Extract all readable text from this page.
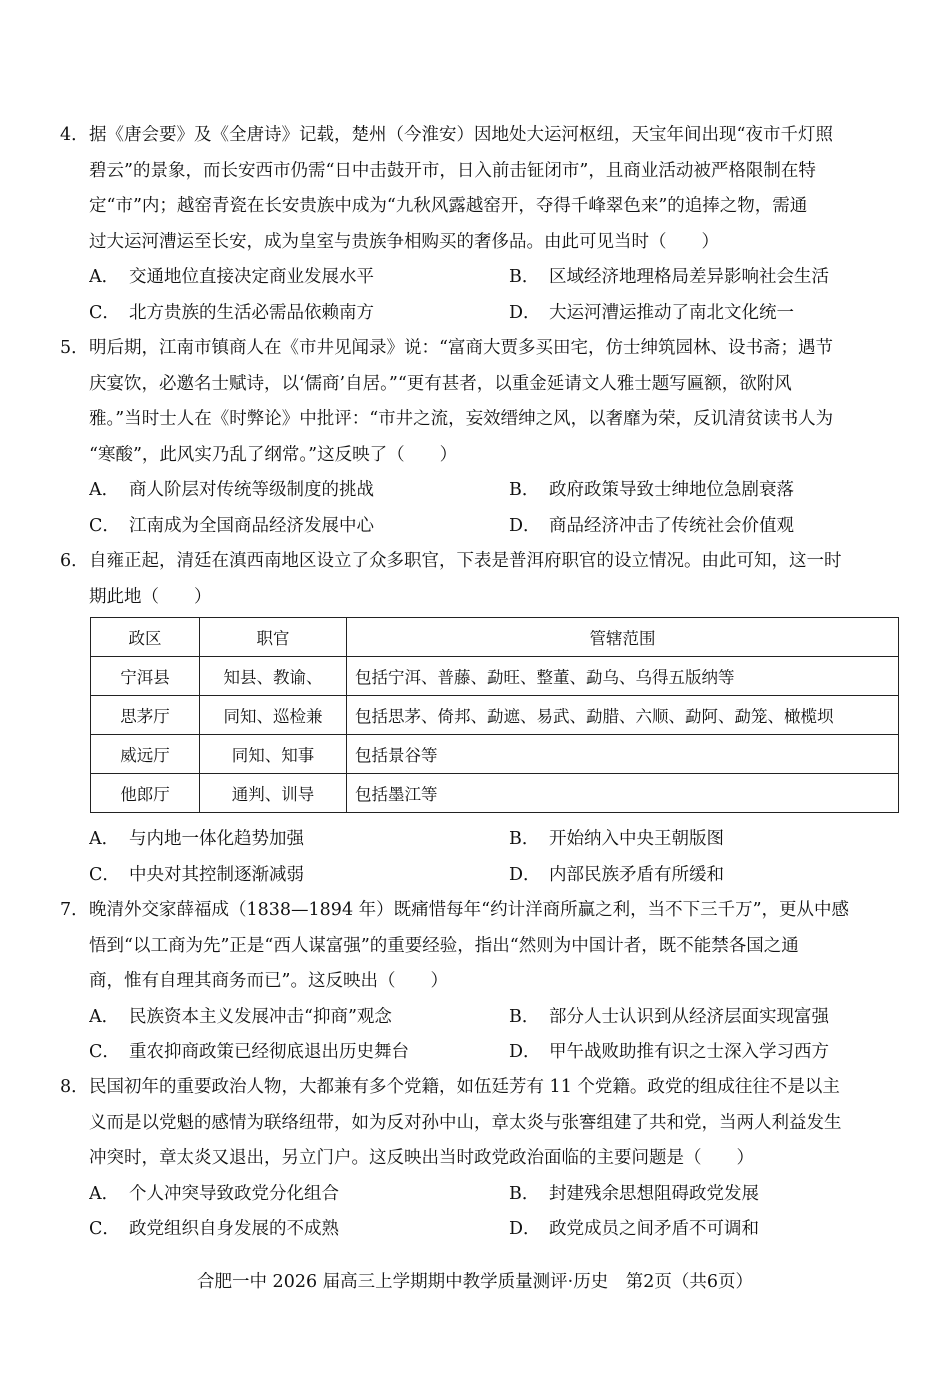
4．据《唐会要》及《全唐诗》记载，楚州（今淮安）因地处大运河枢纽，天宝年间出现“夜市千灯照
碧云”的景象，而长安西市仍需“日中击鼓开市，日入前击钲闭市”，且商业活动被严格限制在特
定“市”内；越窑青瓷在长安贵族中成为“九秋风露越窑开，夺得千峰翠色来”的追捧之物，需通
过大运河漕运至长安，成为皇室与贵族争相购买的奢侈品。由此可见当时（　　）
A． 交通地位直接决定商业发展水平	B． 区域经济地理格局差异影响社会生活
C． 北方贵族的生活必需品依赖南方	D． 大运河漕运推动了南北文化统一
5．明后期，江南市镇商人在《市井见闻录》说：“富商大贾多买田宅，仿士绅筑园林、设书斋；遇节
庆宴饮，必邀名士赋诗，以‘儒商’自居。”“更有甚者，以重金延请文人雅士题写匾额，欲附风
雅。”当时士人在《时弊论》中批评：“市井之流，妄效缙绅之风，以奢靡为荣，反讥清贫读书人为
“寒酸”，此风实乃乱了纲常。”这反映了（　　）
A． 商人阶层对传统等级制度的挑战	B． 政府政策导致士绅地位急剧衰落
C． 江南成为全国商品经济发展中心	D． 商品经济冲击了传统社会价值观
6．自雍正起，清廷在滇西南地区设立了众多职官，下表是普洱府职官的设立情况。由此可知，这一时
期此地（　　）
政区	职官	管辖范围
宁洱县	知县、教谕、	包括宁洱、普藤、勐旺、整董、勐乌、乌得五版纳等
思茅厅	同知、巡检兼	包括思茅、倚邦、勐遮、易武、勐腊、六顺、勐阿、勐笼、橄榄坝
威远厅	同知、知事	包括景谷等
他郎厅	通判、训导	包括墨江等
A． 与内地一体化趋势加强	B． 开始纳入中央王朝版图
C． 中央对其控制逐渐减弱	D． 内部民族矛盾有所缓和
7．晚清外交家薛福成（1838—1894 年）既痛惜每年“约计洋商所赢之利，当不下三千万”，更从中感
悟到“以工商为先”正是“西人谋富强”的重要经验，指出“然则为中国计者，既不能禁各国之通
商，惟有自理其商务而已”。这反映出（　　）
A． 民族资本主义发展冲击“抑商”观念	B． 部分人士认识到从经济层面实现富强
C． 重农抑商政策已经彻底退出历史舞台	D． 甲午战败助推有识之士深入学习西方
8．民国初年的重要政治人物，大都兼有多个党籍，如伍廷芳有 11 个党籍。政党的组成往往不是以主
义而是以党魁的感情为联络纽带，如为反对孙中山，章太炎与张謇组建了共和党，当两人利益发生
冲突时，章太炎又退出，另立门户。这反映出当时政党政治面临的主要问题是（　　）
A． 个人冲突导致政党分化组合	B． 封建残余思想阻碍政党发展
C． 政党组织自身发展的不成熟	D． 政党成员之间矛盾不可调和
合肥一中 2026 届高三上学期期中教学质量测评·历史　第2页（共6页）
